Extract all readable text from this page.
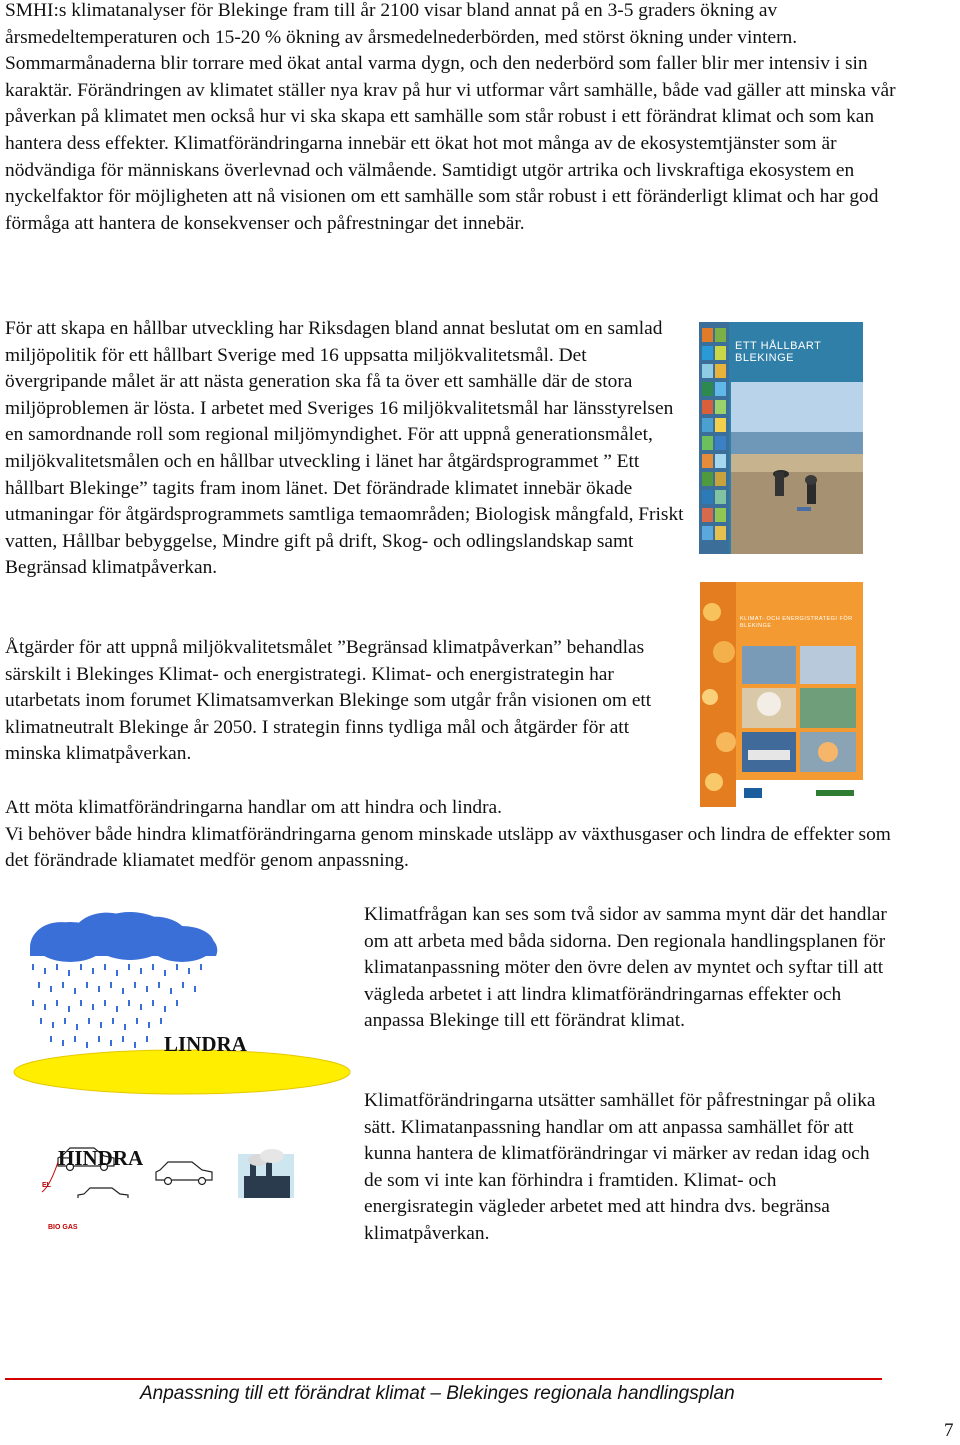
SMHI:s klimatanalyser för Blekinge fram till år 2100 visar bland annat på en 3-5 graders ökning av årsmedeltemperaturen och 15-20 % ökning av årsmedelnederbörden, med störst ökning under vintern. Sommarmånaderna blir torrare med ökat antal varma dygn, och den nederbörd som faller blir mer intensiv i sin karaktär. Förändringen av klimatet ställer nya krav på hur vi utformar vårt samhälle, både vad gäller att minska vår påverkan på klimatet men också hur vi ska skapa ett samhälle som står robust i ett förändrat klimat och som kan hantera dess effekter. Klimatförändringarna innebär ett ökat hot mot många av de ekosystemtjänster som är nödvändiga för människans överlevnad och välmående. Samtidigt utgör artrika och livskraftiga ekosystem en nyckelfaktor för möjligheten att nå visionen om ett samhälle som står robust i ett föränderligt klimat och har god förmåga att hantera de konsekvenser och påfrestningar det innebär.

För att skapa en hållbar utveckling har Riksdagen bland annat beslutat om en samlad miljöpolitik för ett hållbart Sverige med 16 uppsatta miljökvalitetsmål. Det övergripande målet är att nästa generation ska få ta över ett samhälle där de stora miljöproblemen är lösta. I arbetet med Sveriges 16 miljökvalitetsmål har länsstyrelsen en samordnande roll som regional miljömyndighet. För att uppnå generationsmålet, miljökvalitetsmålen och en hållbar utveckling i länet har åtgärdsprogrammet ” Ett hållbart Blekinge” tagits fram inom länet. Det förändrade klimatet innebär ökade utmaningar för åtgärdsprogrammets samtliga temaområden; Biologisk mångfald, Friskt vatten, Hållbar bebyggelse, Mindre gift på drift, Skog- och odlingslandskap samt Begränsad klimatpåverkan.

Åtgärder för att uppnå miljökvalitetsmålet ”Begränsad klimatpåverkan” behandlas särskilt i Blekinges Klimat- och energistrategi. Klimat- och energistrategin har utarbetats inom forumet Klimatsamverkan Blekinge som utgår från visionen om ett klimatneutralt Blekinge år 2050. I strategin finns tydliga mål och åtgärder för att minska klimatpåverkan.

Att möta klimatförändringarna handlar om att hindra och lindra.

Vi behöver både hindra klimatförändringarna genom minskade utsläpp av växthusgaser och lindra de effekter som det förändrade kliamatet medför genom anpassning.

Klimatfrågan kan ses som två sidor av samma mynt där det handlar om att arbeta med båda sidorna. Den regionala handlingsplanen för klimatanpassning möter den övre delen av myntet och syftar till att vägleda arbetet i att lindra klimatförändringarnas effekter och anpassa Blekinge till ett förändrat klimat.

Klimatförändringarna utsätter samhället för påfrestningar på olika sätt. Klimatanpassning handlar om att anpassa samhället för att kunna hantera de klimatförändringar vi märker av redan idag och de som vi inte kan förhindra i framtiden. Klimat- och energisrategin vägleder arbetet med att hindra dvs. begränsa klimatpåverkan.

ETT HÅLLBART BLEKINGE
KLIMAT- OCH ENERGISTRATEGI FÖR BLEKINGE
LINDRA
HINDRA
EL
BIO GAS
Anpassning till ett förändrat klimat – Blekinges regionala handlingsplan
7
